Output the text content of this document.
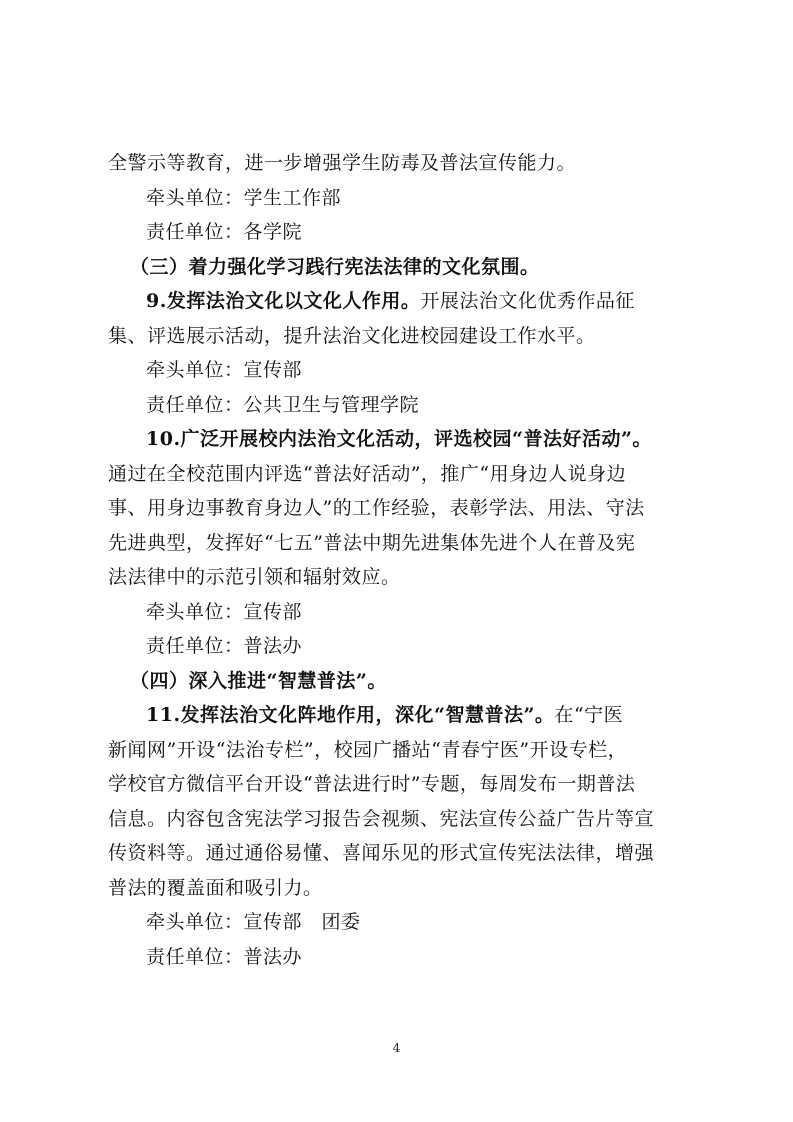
全警示等教育，进一步增强学生防毒及普法宣传能力。
牵头单位：学生工作部
责任单位：各学院
（三）着力强化学习践行宪法法律的文化氛围。
9.发挥法治文化以文化人作用。开展法治文化优秀作品征
集、评选展示活动，提升法治文化进校园建设工作水平。
牵头单位：宣传部
责任单位：公共卫生与管理学院
10.广泛开展校内法治文化活动，评选校园“普法好活动”。
通过在全校范围内评选“普法好活动”，推广“用身边人说身边
事、用身边事教育身边人”的工作经验，表彰学法、用法、守法
先进典型，发挥好“七五”普法中期先进集体先进个人在普及宪
法法律中的示范引领和辐射效应。
牵头单位：宣传部
责任单位：普法办
（四）深入推进“智慧普法”。
11.发挥法治文化阵地作用，深化“智慧普法”。在“宁医
新闻网”开设“法治专栏”，校园广播站“青春宁医”开设专栏，
学校官方微信平台开设“普法进行时”专题，每周发布一期普法
信息。内容包含宪法学习报告会视频、宪法宣传公益广告片等宣
传资料等。通过通俗易懂、喜闻乐见的形式宣传宪法法律，增强
普法的覆盖面和吸引力。
牵头单位：宣传部　团委
责任单位：普法办
4
